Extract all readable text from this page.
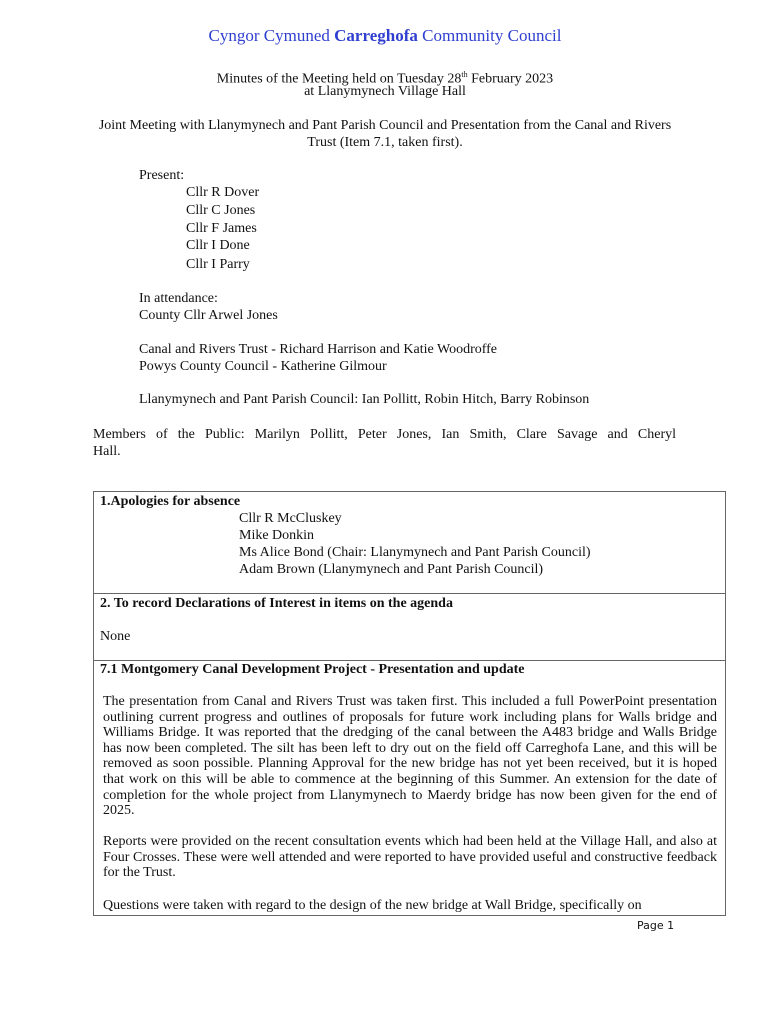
Cyngor Cymuned Carreghofa Community Council
Minutes of the Meeting held on Tuesday 28th February 2023
at Llanymynech Village Hall
Joint Meeting with Llanymynech and Pant Parish Council and Presentation from the Canal and Rivers Trust (Item 7.1, taken first).
Present:
Cllr R Dover
Cllr C Jones
Cllr F James
Cllr I Done
Cllr I Parry
In attendance:
County Cllr Arwel Jones
Canal and Rivers Trust - Richard Harrison and Katie Woodroffe
Powys County Council - Katherine Gilmour
Llanymynech and Pant Parish Council: Ian Pollitt, Robin Hitch, Barry Robinson
Members of the Public: Marilyn Pollitt, Peter Jones, Ian Smith, Clare Savage and Cheryl
Hall.
1.Apologies for absence
Cllr R McCluskey
Mike Donkin
Ms Alice Bond (Chair: Llanymynech and Pant Parish Council)
Adam Brown (Llanymynech and Pant Parish Council)
2. To record Declarations of Interest in items on the agenda
None
7.1 Montgomery Canal Development Project - Presentation and update
The presentation from Canal and Rivers Trust was taken first. This included a full PowerPoint presentation outlining current progress and outlines of proposals for future work including plans for Walls bridge and Williams Bridge. It was reported that the dredging of the canal between the A483 bridge and Walls Bridge has now been completed. The silt has been left to dry out on the field off Carreghofa Lane, and this will be removed as soon possible. Planning Approval for the new bridge has not yet been received, but it is hoped that work on this will be able to commence at the beginning of this Summer. An extension for the date of completion for the whole project from Llanymynech to Maerdy bridge has now been given for the end of 2025.
Reports were provided on the recent consultation events which had been held at the Village Hall, and also at Four Crosses. These were well attended and were reported to have provided useful and constructive feedback for the Trust.
Questions were taken with regard to the design of the new bridge at Wall Bridge, specifically on
Page 1
